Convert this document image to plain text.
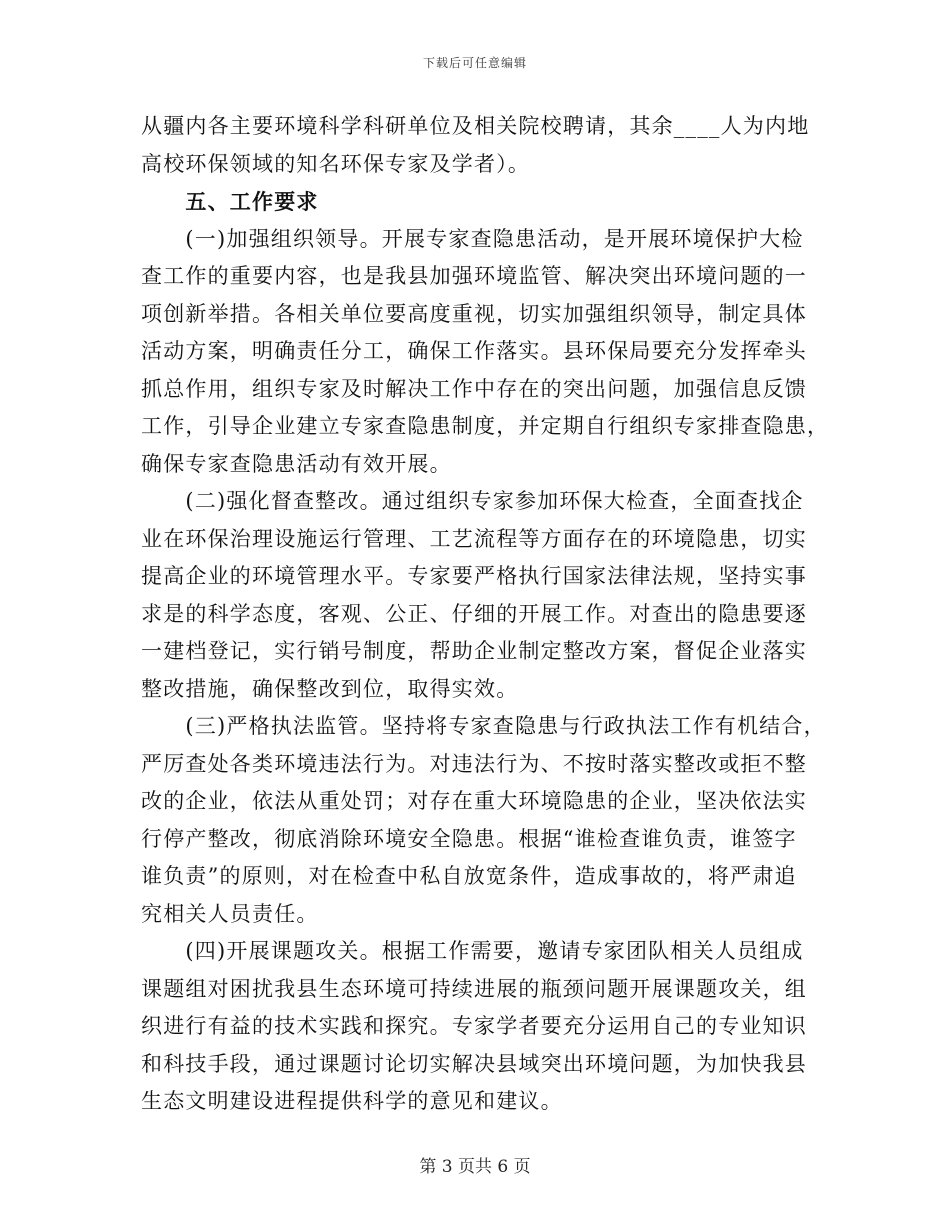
下载后可任意编辑
从疆内各主要环境科学科研单位及相关院校聘请，其余____人为内地
高校环保领域的知名环保专家及学者）。
　　五、工作要求
　　(一)加强组织领导。开展专家查隐患活动，是开展环境保护大检
查工作的重要内容，也是我县加强环境监管、解决突出环境问题的一
项创新举措。各相关单位要高度重视，切实加强组织领导，制定具体
活动方案，明确责任分工，确保工作落实。县环保局要充分发挥牵头
抓总作用，组织专家及时解决工作中存在的突出问题，加强信息反馈
工作，引导企业建立专家查隐患制度，并定期自行组织专家排查隐患，
确保专家查隐患活动有效开展。
　　(二)强化督查整改。通过组织专家参加环保大检查，全面查找企
业在环保治理设施运行管理、工艺流程等方面存在的环境隐患，切实
提高企业的环境管理水平。专家要严格执行国家法律法规，坚持实事
求是的科学态度，客观、公正、仔细的开展工作。对查出的隐患要逐
一建档登记，实行销号制度，帮助企业制定整改方案，督促企业落实
整改措施，确保整改到位，取得实效。
　　(三)严格执法监管。坚持将专家查隐患与行政执法工作有机结合，
严厉查处各类环境违法行为。对违法行为、不按时落实整改或拒不整
改的企业，依法从重处罚；对存在重大环境隐患的企业，坚决依法实
行停产整改，彻底消除环境安全隐患。根据“谁检查谁负责，谁签字
谁负责”的原则，对在检查中私自放宽条件，造成事故的，将严肃追
究相关人员责任。
　　(四)开展课题攻关。根据工作需要，邀请专家团队相关人员组成
课题组对困扰我县生态环境可持续进展的瓶颈问题开展课题攻关，组
织进行有益的技术实践和探究。专家学者要充分运用自己的专业知识
和科技手段，通过课题讨论切实解决县域突出环境问题，为加快我县
生态文明建设进程提供科学的意见和建议。
第 3 页共 6 页
